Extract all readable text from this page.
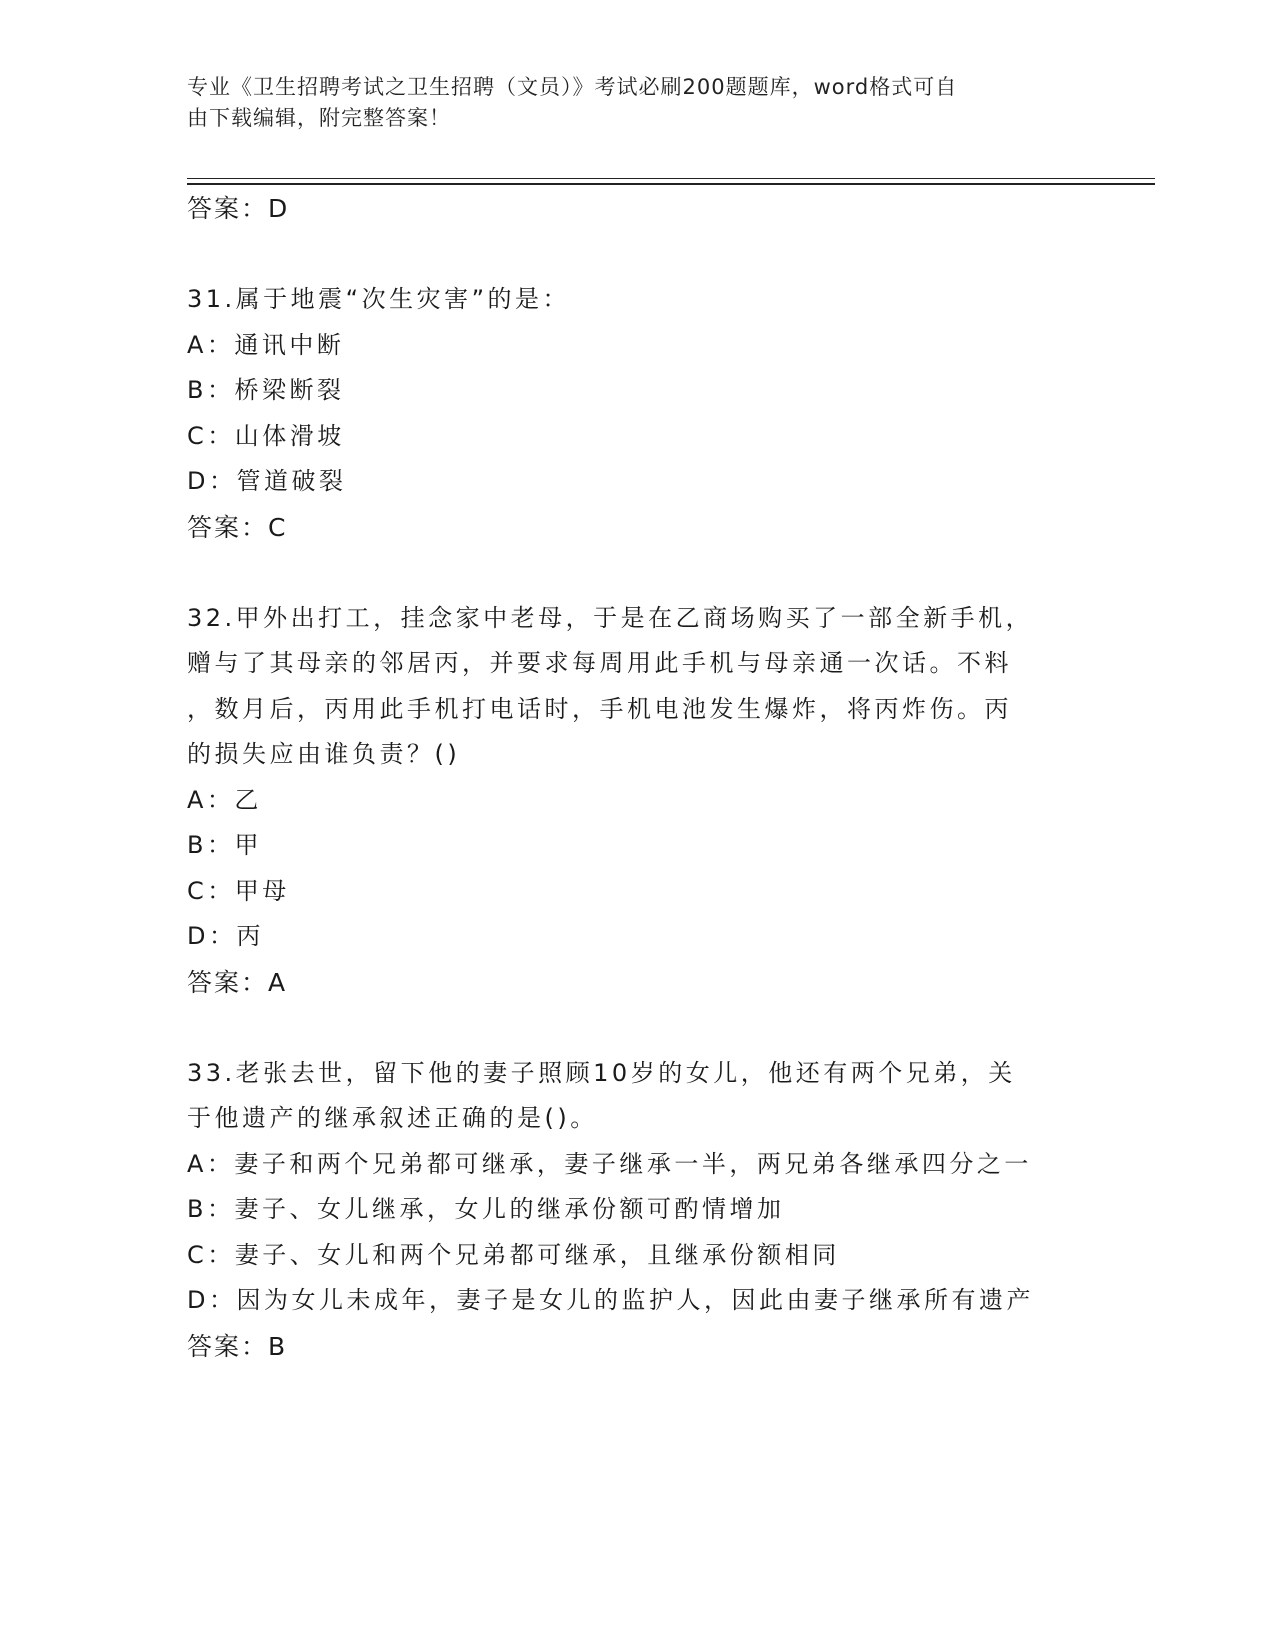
专业《卫生招聘考试之卫生招聘（文员）》考试必刷200题题库，word格式可自
由下载编辑，附完整答案！
答案：D
31.属于地震“次生灾害”的是：
A：通讯中断
B：桥梁断裂
C：山体滑坡
D：管道破裂
答案：C
32.甲外出打工，挂念家中老母，于是在乙商场购买了一部全新手机，
赠与了其母亲的邻居丙，并要求每周用此手机与母亲通一次话。不料
，数月后，丙用此手机打电话时，手机电池发生爆炸，将丙炸伤。丙
的损失应由谁负责？()
A：乙
B：甲
C：甲母
D：丙
答案：A
33.老张去世，留下他的妻子照顾10岁的女儿，他还有两个兄弟，关
于他遗产的继承叙述正确的是()。
A：妻子和两个兄弟都可继承，妻子继承一半，两兄弟各继承四分之一
B：妻子、女儿继承，女儿的继承份额可酌情增加
C：妻子、女儿和两个兄弟都可继承，且继承份额相同
D：因为女儿未成年，妻子是女儿的监护人，因此由妻子继承所有遗产
答案：B
